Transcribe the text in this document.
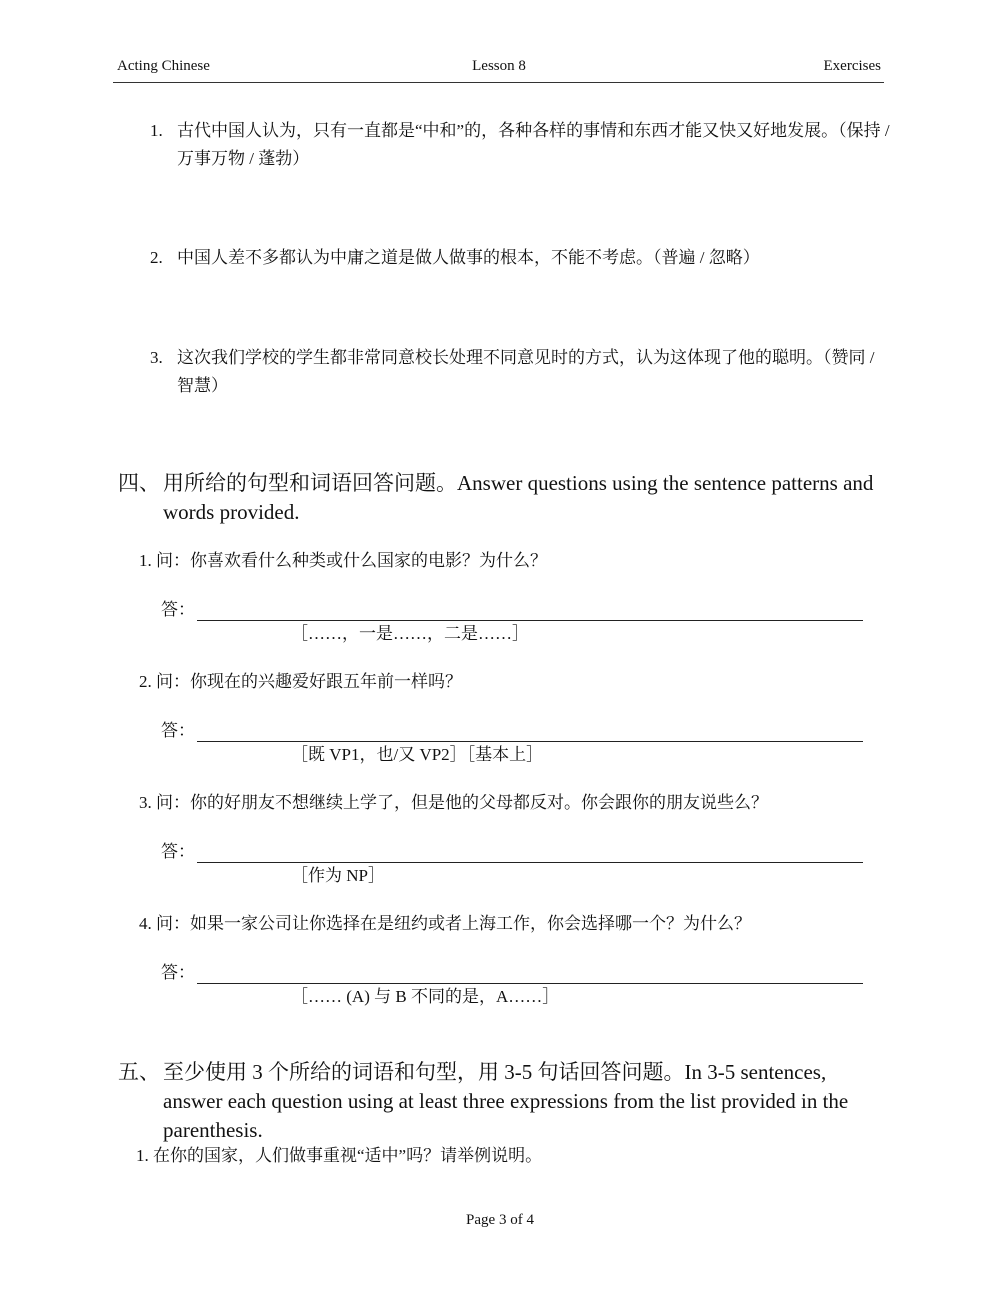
Acting Chinese	Lesson 8	Exercises
1. 古代中国人认为，只有一直都是“中和”的，各种各样的事情和东西才能又快又好地发展。（保持 / 万事万物 / 蓬勃）
2. 中国人差不多都认为中庸之道是做人做事的根本，不能不考虑。（普遍 / 忽略）
3. 这次我们学校的学生都非常同意校长处理不同意见时的方式，认为这体现了他的聪明。（赞同 / 智慧）
四、 用所给的句型和词语回答问题。Answer questions using the sentence patterns and words provided.
1. 问：你喜欢看什么种类或什么国家的电影？为什么？
答：
［……，一是……，二是……］
2. 问：你现在的兴趣爱好跟五年前一样吗？
答：
［既 VP1，也/又 VP2］［基本上］
3. 问：你的好朋友不想继续上学了，但是他的父母都反对。你会跟你的朋友说些么？
答：
［作为 NP］
4. 问：如果一家公司让你选择在是纽约或者上海工作，你会选择哪一个？为什么？
答：
［…… (A) 与 B 不同的是，A……］
五、 至少使用 3 个所给的词语和句型，用 3-5 句话回答问题。In 3-5 sentences, answer each question using at least three expressions from the list provided in the parenthesis.
1. 在你的国家，人们做事重视“适中”吗？请举例说明。
Page 3 of 4
